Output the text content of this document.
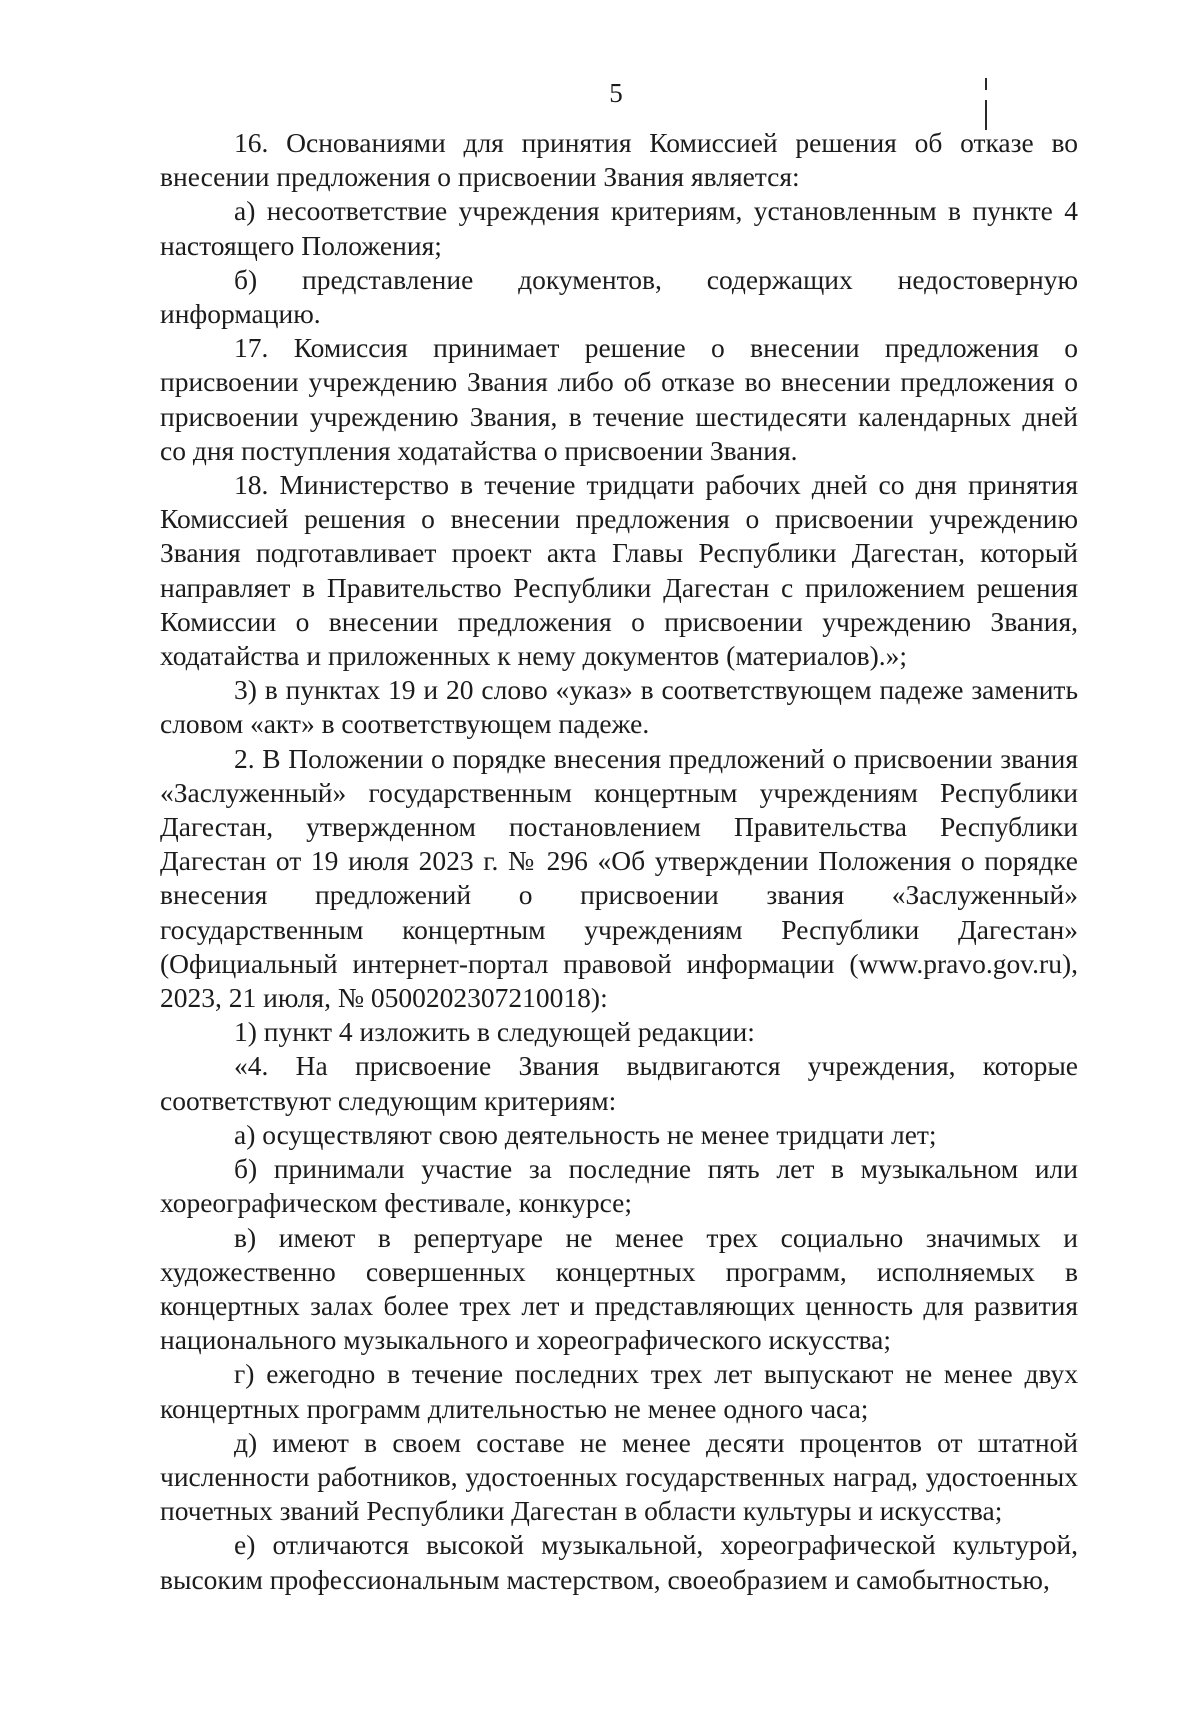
5

16. Основаниями для принятия Комиссией решения об отказе во внесении предложения о присвоении Звания является:

а) несоответствие учреждения критериям, установленным в пункте 4 настоящего Положения;

б) представление документов, содержащих недостоверную информацию.

17. Комиссия принимает решение о внесении предложения о присвоении учреждению Звания либо об отказе во внесении предложения о присвоении учреждению Звания, в течение шестидесяти календарных дней со дня поступления ходатайства о присвоении Звания.

18. Министерство в течение тридцати рабочих дней со дня принятия Комиссией решения о внесении предложения о присвоении учреждению Звания подготавливает проект акта Главы Республики Дагестан, который направляет в Правительство Республики Дагестан с приложением решения Комиссии о внесении предложения о присвоении учреждению Звания, ходатайства и приложенных к нему документов (материалов).»;

3) в пунктах 19 и 20 слово «указ» в соответствующем падеже заменить словом «акт» в соответствующем падеже.

2. В Положении о порядке внесения предложений о присвоении звания «Заслуженный» государственным концертным учреждениям Республики Дагестан, утвержденном постановлением Правительства Республики Дагестан от 19 июля 2023 г. № 296 «Об утверждении Положения о порядке внесения предложений о присвоении звания «Заслуженный» государственным концертным учреждениям Республики Дагестан» (Официальный интернет-портал правовой информации (www.pravo.gov.ru), 2023, 21 июля, № 0500202307210018):

1) пункт 4 изложить в следующей редакции:

«4. На присвоение Звания выдвигаются учреждения, которые соответствуют следующим критериям:

а) осуществляют свою деятельность не менее тридцати лет;

б) принимали участие за последние пять лет в музыкальном или хореографическом фестивале, конкурсе;

в) имеют в репертуаре не менее трех социально значимых и художественно совершенных концертных программ, исполняемых в концертных залах более трех лет и представляющих ценность для развития национального музыкального и хореографического искусства;

г) ежегодно в течение последних трех лет выпускают не менее двух концертных программ длительностью не менее одного часа;

д) имеют в своем составе не менее десяти процентов от штатной численности работников, удостоенных государственных наград, удостоенных почетных званий Республики Дагестан в области культуры и искусства;

е) отличаются высокой музыкальной, хореографической культурой, высоким профессиональным мастерством, своеобразием и самобытностью,
